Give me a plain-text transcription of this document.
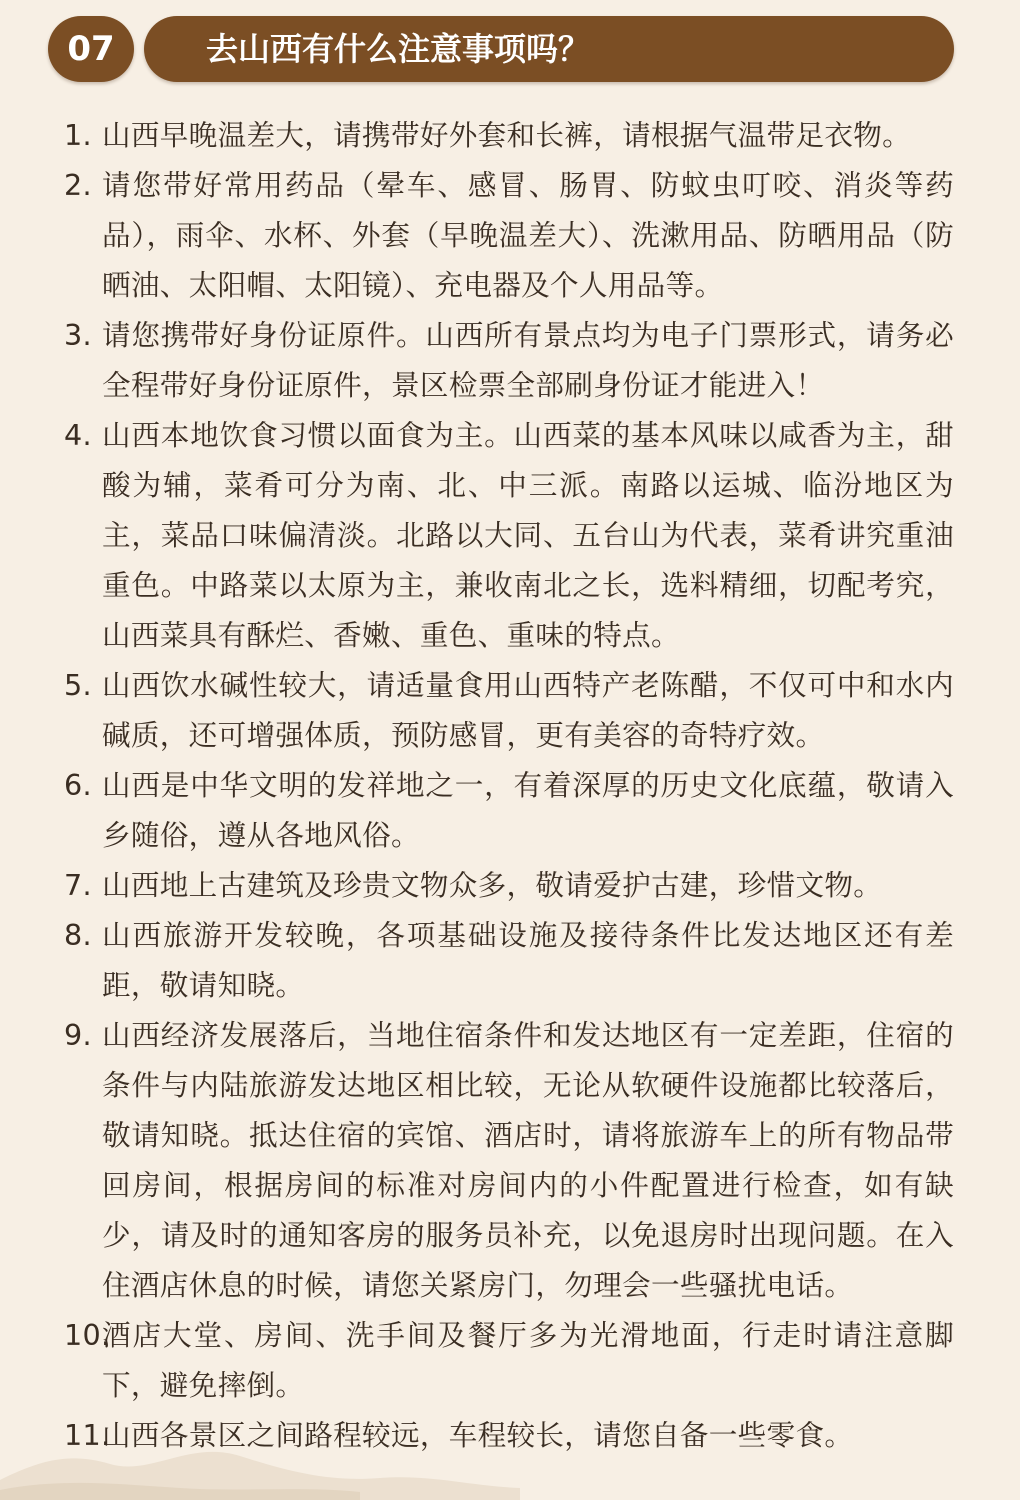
07	去山西有什么注意事项吗？
1. 山西早晚温差大，请携带好外套和长裤，请根据气温带足衣物。
2. 请您带好常用药品（晕车、感冒、肠胃、防蚊虫叮咬、消炎等药品），雨伞、水杯、外套（早晚温差大）、洗漱用品、防晒用品（防晒油、太阳帽、太阳镜）、充电器及个人用品等。
3. 请您携带好身份证原件。山西所有景点均为电子门票形式，请务必全程带好身份证原件，景区检票全部刷身份证才能进入！
4. 山西本地饮食习惯以面食为主。山西菜的基本风味以咸香为主，甜酸为辅，菜肴可分为南、北、中三派。南路以运城、临汾地区为主，菜品口味偏清淡。北路以大同、五台山为代表，菜肴讲究重油重色。中路菜以太原为主，兼收南北之长，选料精细，切配考究，山西菜具有酥烂、香嫩、重色、重味的特点。
5. 山西饮水碱性较大，请适量食用山西特产老陈醋，不仅可中和水内碱质，还可增强体质，预防感冒，更有美容的奇特疗效。
6. 山西是中华文明的发祥地之一，有着深厚的历史文化底蕴，敬请入乡随俗，遵从各地风俗。
7. 山西地上古建筑及珍贵文物众多，敬请爱护古建，珍惜文物。
8. 山西旅游开发较晚，各项基础设施及接待条件比发达地区还有差距，敬请知晓。
9. 山西经济发展落后，当地住宿条件和发达地区有一定差距，住宿的条件与内陆旅游发达地区相比较，无论从软硬件设施都比较落后，敬请知晓。抵达住宿的宾馆、酒店时，请将旅游车上的所有物品带回房间，根据房间的标准对房间内的小件配置进行检查，如有缺少，请及时的通知客房的服务员补充，以免退房时出现问题。在入住酒店休息的时候，请您关紧房门，勿理会一些骚扰电话。
10.
酒店大堂、房间、洗手间及餐厅多为光滑地面，行走时请注意脚下，避免摔倒。
11.
山西各景区之间路程较远，车程较长，请您自备一些零食。
